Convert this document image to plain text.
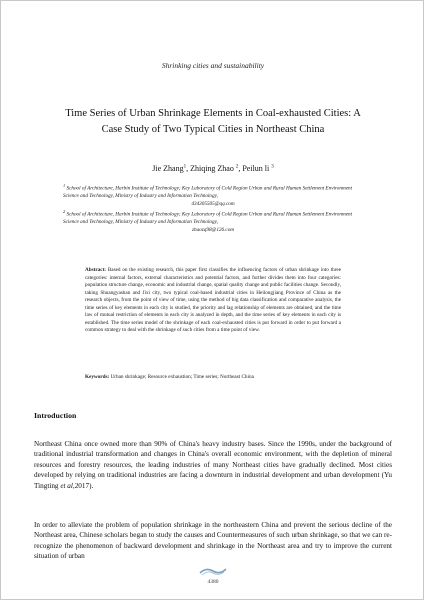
Shrinking cities and sustainability
Time Series of Urban Shrinkage Elements in Coal-exhausted Cities: A Case Study of Two Typical Cities in Northeast China
Jie Zhang$^1$, Zhiqing Zhao $^2$, Peilun li $^3$
$^1$ School of Architecture, Harbin Institute of Technology; Key Laboratory of Cold Region Urban and Rural Human Settlement Environment Science and Technology, Ministry of Industry and Information Technology,
434305505@qq.com
$^2$ School of Architecture, Harbin Institute of Technology; Key Laboratory of Cold Region Urban and Rural Human Settlement Environment Science and Technology, Ministry of Industry and Information Technology,
zhaozq98@126.com
Abstract: Based on the existing research, this paper first classifies the influencing factors of urban shrinkage into three categories: internal factors, external characteristics and potential factors, and further divides them into four categories: population structure change, economic and industrial change, spatial quality change and public facilities change. Secondly, taking Shuangyashan and Jixi city, two typical coal-based industrial cities in Heilongjiang Province of China as the research objects, from the point of view of time, using the method of big data classification and comparative analysis, the time series of key elements in each city is studied, the priority and lag relationship of elements are obtained, and the time law of mutual restriction of elements in each city is analyzed in depth, and the time series of key elements in each city is established. The time series model of the shrinkage of each coal-exhausted cities is put forward in order to put forward a common strategy to deal with the shrinkage of such cities from a time point of view.
Keywords: Urban shrinkage; Resource exhaustion; Time series; Northeast China
Introduction
Northeast China once owned more than 90% of China's heavy industry bases. Since the 1990s, under the background of traditional industrial transformation and changes in China's overall economic environment, with the depletion of mineral resources and forestry resources, the leading industries of many Northeast cities have gradually declined. Most cities developed by relying on traditional industries are facing a downturn in industrial development and urban development (Yu Tingting et al,2017).
In order to alleviate the problem of population shrinkage in the northeastern China and prevent the serious decline of the Northeast area, Chinese scholars began to study the causes and Countermeasures of such urban shrinkage, so that we can re-recognize the phenomenon of backward development and shrinkage in the Northeast area and try to improve the current situation of urban
4380
